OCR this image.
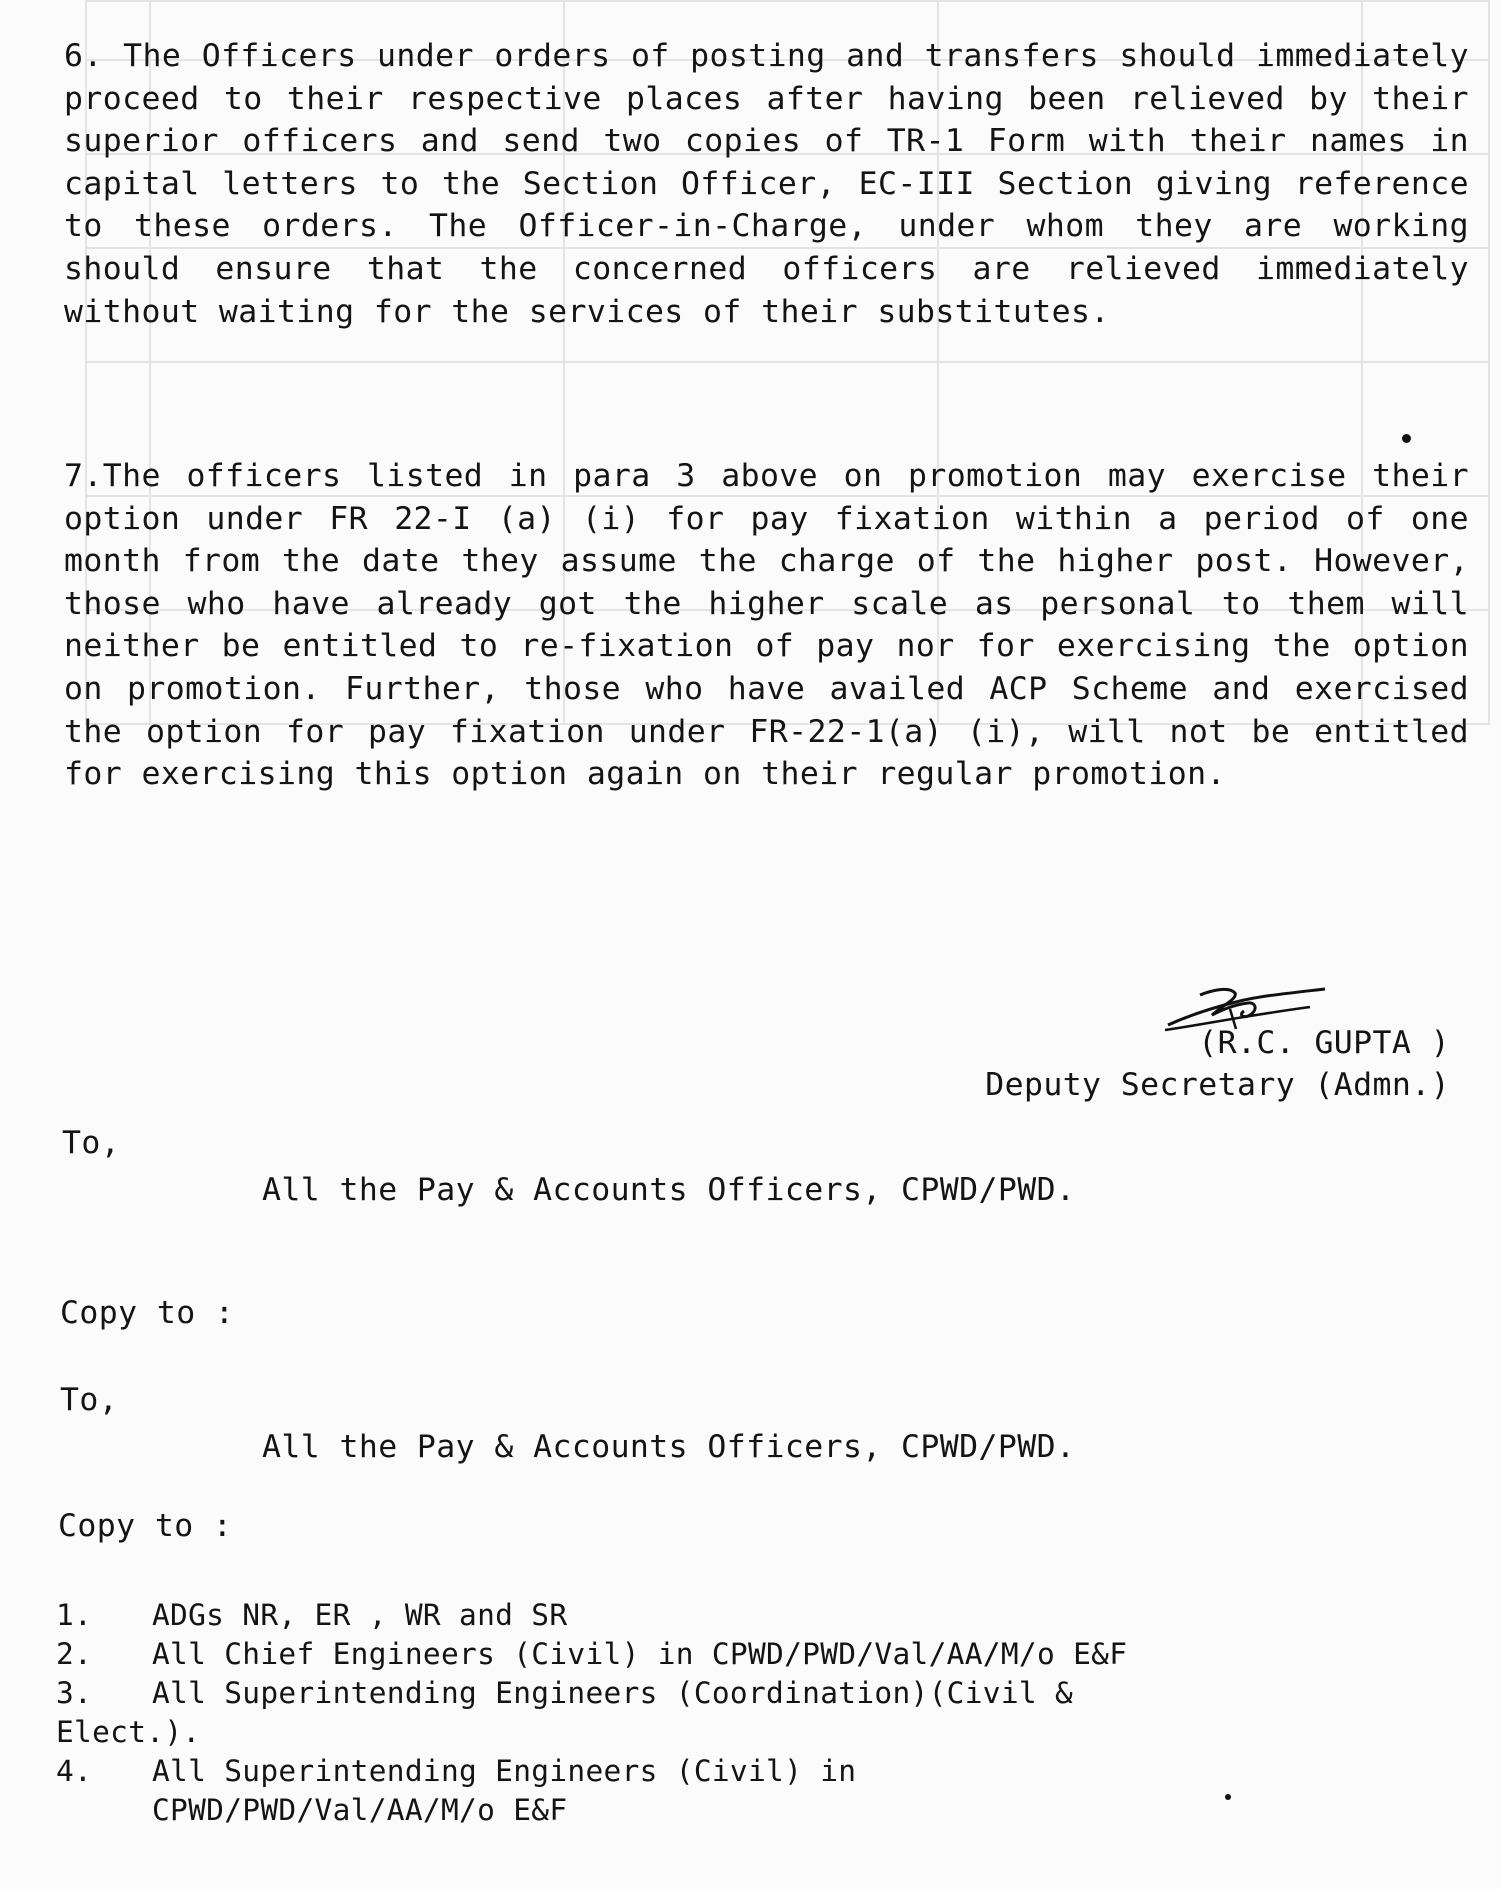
6. The Officers under orders of posting and transfers should immediately proceed to their respective places after having been relieved by their superior officers and send two copies of TR-1 Form with their names in capital letters to the Section Officer, EC-III Section giving reference to these orders. The Officer-in-Charge, under whom they are working should ensure that the concerned officers are relieved immediately without waiting for the services of their substitutes.

7.The officers listed in para 3 above on promotion may exercise their option under FR 22-I (a) (i) for pay fixation within a period of one month from the date they assume the charge of the higher post. However, those who have already got the higher scale as personal to them will neither be entitled to re-fixation of pay nor for exercising the option on promotion. Further, those who have availed ACP Scheme and exercised the option for pay fixation under FR-22-1(a) (i), will not be entitled for exercising this option again on their regular promotion.

(R.C. GUPTA )

Deputy Secretary (Admn.)

To,

All the Pay & Accounts Officers, CPWD/PWD.

Copy to :

To,

All the Pay & Accounts Officers, CPWD/PWD.

Copy to :

1. ADGs NR, ER , WR and SR
2. All Chief Engineers (Civil) in CPWD/PWD/Val/AA/M/o E&F
3. All Superintending Engineers (Coordination)(Civil &
Elect.).
4. All Superintending Engineers (Civil) in
CPWD/PWD/Val/AA/M/o E&F
